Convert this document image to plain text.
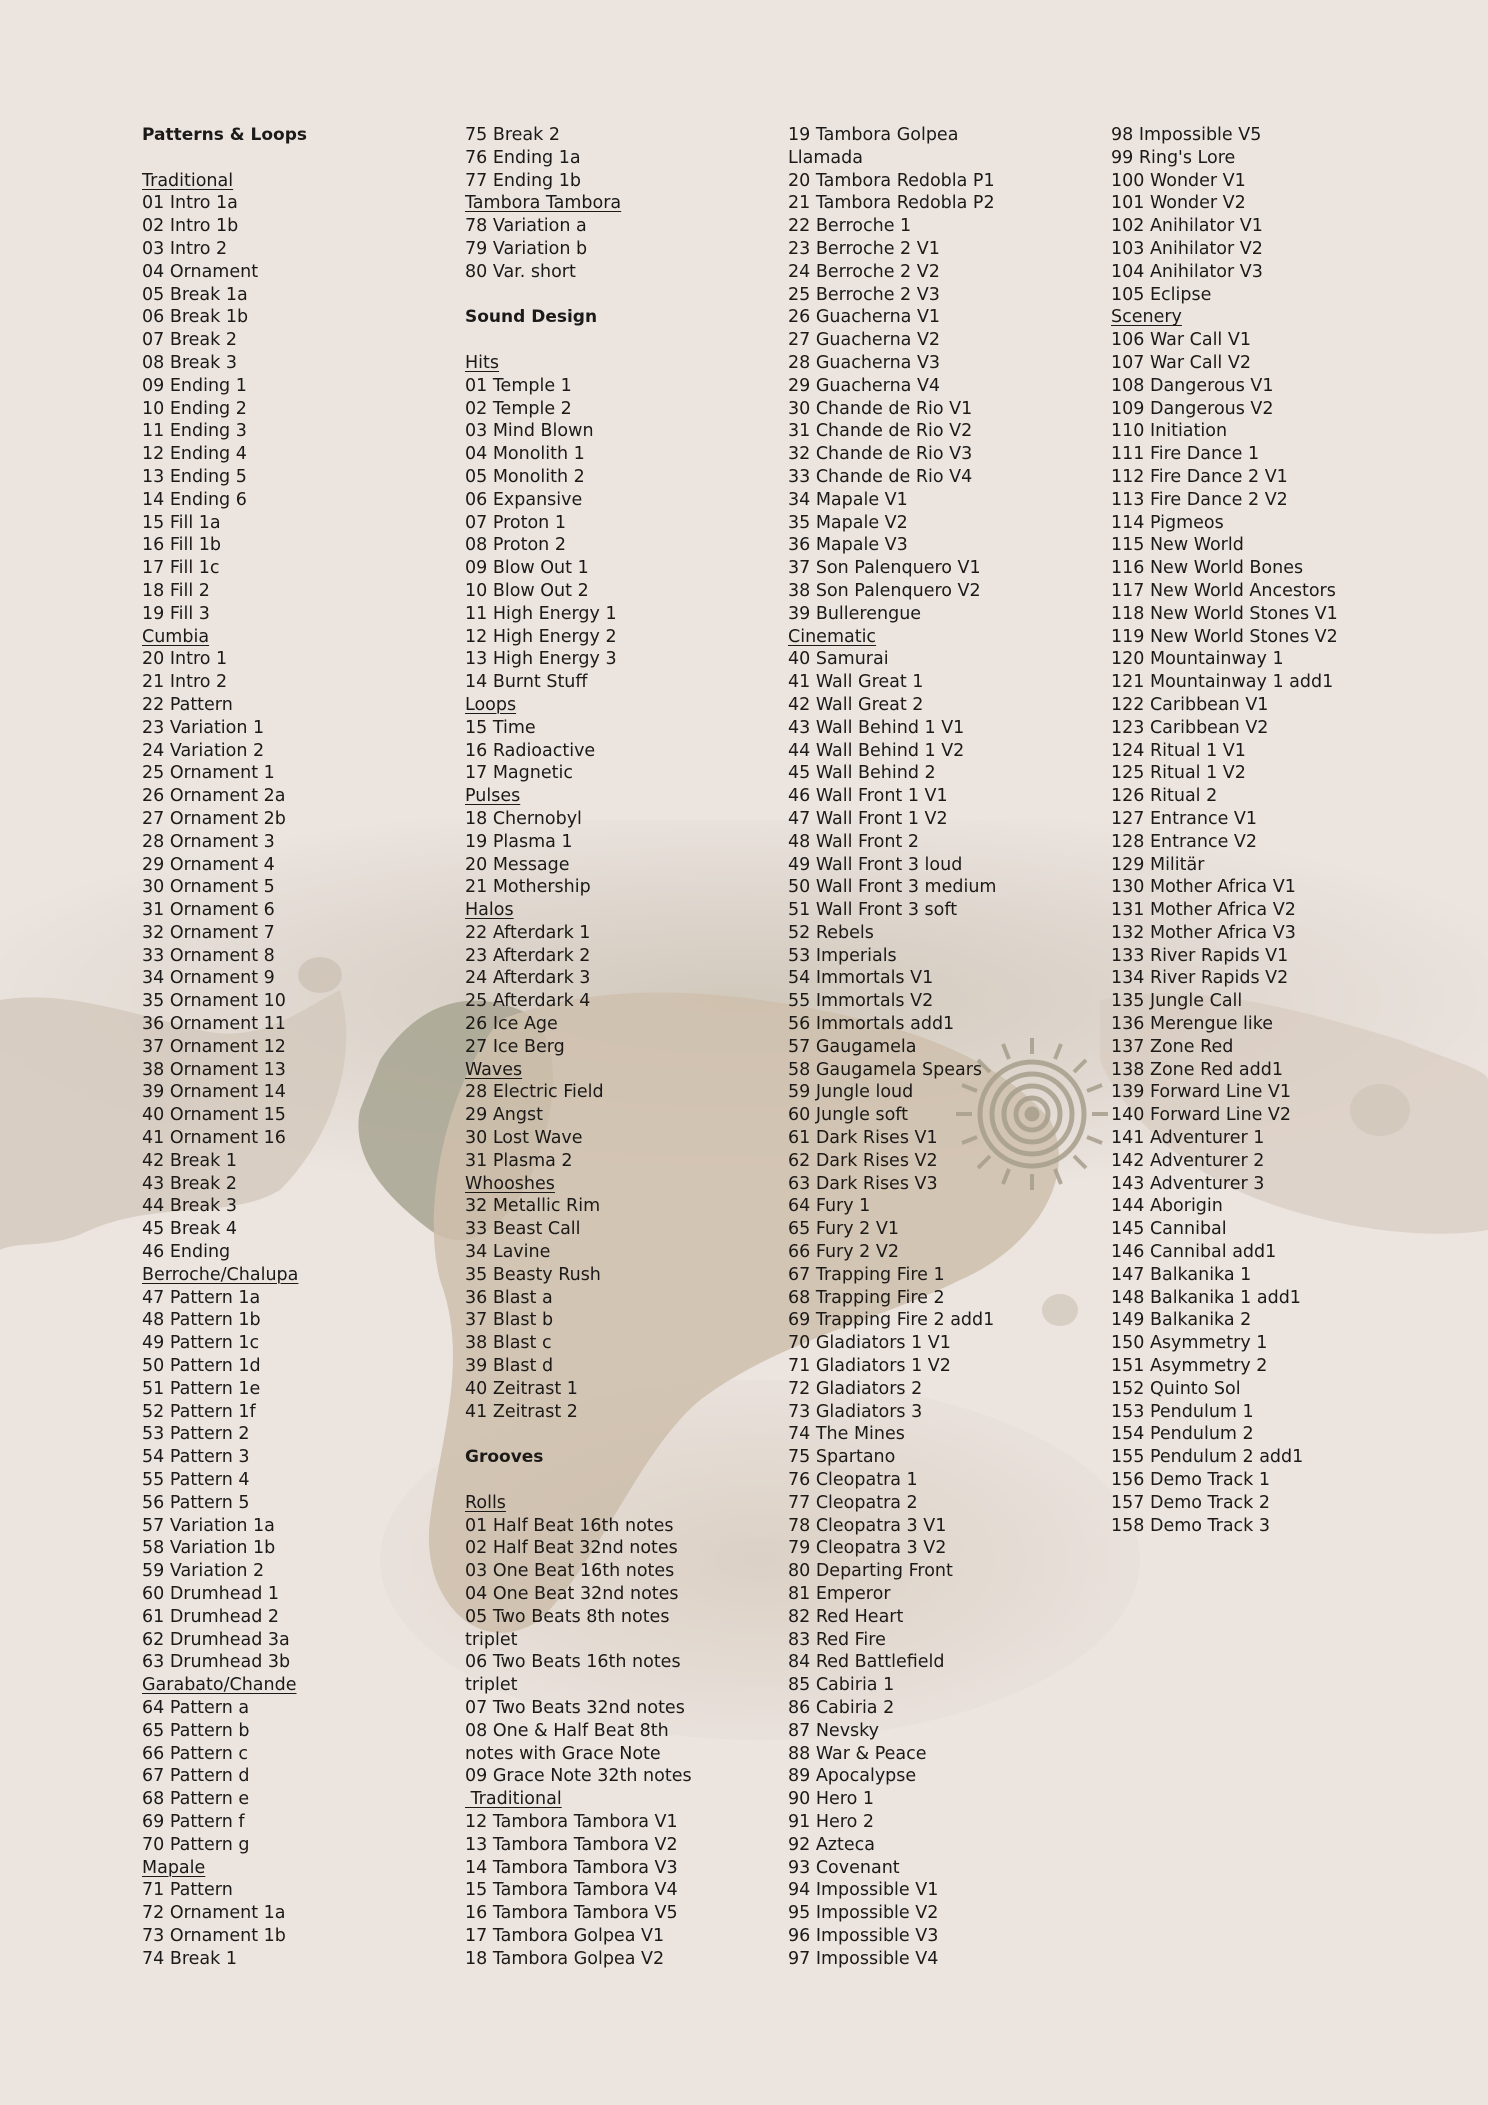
Patterns & Loops
Traditional
01 Intro 1a
02 Intro 1b
03 Intro 2
04 Ornament
05 Break 1a
06 Break 1b
07 Break 2
08 Break 3
09 Ending 1
10 Ending 2
11 Ending 3
12 Ending 4
13 Ending 5
14 Ending 6
15 Fill 1a
16 Fill 1b
17 Fill 1c
18 Fill 2
19 Fill 3
Cumbia
20 Intro 1
21 Intro 2
22 Pattern
23 Variation 1
24 Variation 2
25 Ornament 1
26 Ornament 2a
27 Ornament 2b
28 Ornament 3
29 Ornament 4
30 Ornament 5
31 Ornament 6
32 Ornament 7
33 Ornament 8
34 Ornament 9
35 Ornament 10
36 Ornament 11
37 Ornament 12
38 Ornament 13
39 Ornament 14
40 Ornament 15
41 Ornament 16
42 Break 1
43 Break 2
44 Break 3
45 Break 4
46 Ending
Berroche/Chalupa
47 Pattern 1a
48 Pattern 1b
49 Pattern 1c
50 Pattern 1d
51 Pattern 1e
52 Pattern 1f
53 Pattern 2
54 Pattern 3
55 Pattern 4
56 Pattern 5
57 Variation 1a
58 Variation 1b
59 Variation 2
60 Drumhead 1
61 Drumhead 2
62 Drumhead 3a
63 Drumhead 3b
Garabato/Chande
64 Pattern a
65 Pattern b
66 Pattern c
67 Pattern d
68 Pattern e
69 Pattern f
70 Pattern g
Mapale
71 Pattern
72 Ornament 1a
73 Ornament 1b
74 Break 1
75 Break 2
76 Ending 1a
77 Ending 1b
Tambora Tambora
78 Variation a
79 Variation b
80 Var. short
Sound Design
Hits
01 Temple 1
02 Temple 2
03 Mind Blown
04 Monolith 1
05 Monolith 2
06 Expansive
07 Proton 1
08 Proton 2
09 Blow Out 1
10 Blow Out 2
11 High Energy 1
12 High Energy 2
13 High Energy 3
14 Burnt Stuff
Loops
15 Time
16 Radioactive
17 Magnetic
Pulses
18 Chernobyl
19 Plasma 1
20 Message
21 Mothership
Halos
22 Afterdark 1
23 Afterdark 2
24 Afterdark 3
25 Afterdark 4
26 Ice Age
27 Ice Berg
Waves
28 Electric Field
29 Angst
30 Lost Wave
31 Plasma 2
Whooshes
32 Metallic Rim
33 Beast Call
34 Lavine
35 Beasty Rush
36 Blast a
37 Blast b
38 Blast c
39 Blast d
40 Zeitrast 1
41 Zeitrast 2
Grooves
Rolls
01 Half Beat 16th notes
02 Half Beat 32nd notes
03 One Beat 16th notes
04 One Beat 32nd notes
05 Two Beats 8th notes
triplet
06 Two Beats 16th notes
triplet
07 Two Beats 32nd notes
08 One & Half Beat 8th
notes with Grace Note
09 Grace Note 32th notes
Traditional
12 Tambora Tambora V1
13 Tambora Tambora V2
14 Tambora Tambora V3
15 Tambora Tambora V4
16 Tambora Tambora V5
17 Tambora Golpea V1
18 Tambora Golpea V2
19 Tambora Golpea
Llamada
20 Tambora Redobla P1
21 Tambora Redobla P2
22 Berroche 1
23 Berroche 2 V1
24 Berroche 2 V2
25 Berroche 2 V3
26 Guacherna V1
27 Guacherna V2
28 Guacherna V3
29 Guacherna V4
30 Chande de Rio V1
31 Chande de Rio V2
32 Chande de Rio V3
33 Chande de Rio V4
34 Mapale V1
35 Mapale V2
36 Mapale V3
37 Son Palenquero V1
38 Son Palenquero V2
39 Bullerengue
Cinematic
40 Samurai
41 Wall Great 1
42 Wall Great 2
43 Wall Behind 1 V1
44 Wall Behind 1 V2
45 Wall Behind 2
46 Wall Front 1 V1
47 Wall Front 1 V2
48 Wall Front 2
49 Wall Front 3 loud
50 Wall Front 3 medium
51 Wall Front 3 soft
52 Rebels
53 Imperials
54 Immortals V1
55 Immortals V2
56 Immortals add1
57 Gaugamela
58 Gaugamela Spears
59 Jungle loud
60 Jungle soft
61 Dark Rises V1
62 Dark Rises V2
63 Dark Rises V3
64 Fury 1
65 Fury 2 V1
66 Fury 2 V2
67 Trapping Fire 1
68 Trapping Fire 2
69 Trapping Fire 2 add1
70 Gladiators 1 V1
71 Gladiators 1 V2
72 Gladiators 2
73 Gladiators 3
74 The Mines
75 Spartano
76 Cleopatra 1
77 Cleopatra 2
78 Cleopatra 3 V1
79 Cleopatra 3 V2
80 Departing Front
81 Emperor
82 Red Heart
83 Red Fire
84 Red Battlefield
85 Cabiria 1
86 Cabiria 2
87 Nevsky
88 War & Peace
89 Apocalypse
90 Hero 1
91 Hero 2
92 Azteca
93 Covenant
94 Impossible V1
95 Impossible V2
96 Impossible V3
97 Impossible V4
98 Impossible V5
99 Ring's Lore
100 Wonder V1
101 Wonder V2
102 Anihilator V1
103 Anihilator V2
104 Anihilator V3
105 Eclipse
Scenery
106 War Call V1
107 War Call V2
108 Dangerous V1
109 Dangerous V2
110 Initiation
111 Fire Dance 1
112 Fire Dance 2 V1
113 Fire Dance 2 V2
114 Pigmeos
115 New World
116 New World Bones
117 New World Ancestors
118 New World Stones V1
119 New World Stones V2
120 Mountainway 1
121 Mountainway 1 add1
122 Caribbean V1
123 Caribbean V2
124 Ritual 1 V1
125 Ritual 1 V2
126 Ritual 2
127 Entrance V1
128 Entrance V2
129 Militär
130 Mother Africa V1
131 Mother Africa V2
132 Mother Africa V3
133 River Rapids V1
134 River Rapids V2
135 Jungle Call
136 Merengue like
137 Zone Red
138 Zone Red add1
139 Forward Line V1
140 Forward Line V2
141 Adventurer 1
142 Adventurer 2
143 Adventurer 3
144 Aborigin
145 Cannibal
146 Cannibal add1
147 Balkanika 1
148 Balkanika 1 add1
149 Balkanika 2
150 Asymmetry 1
151 Asymmetry 2
152 Quinto Sol
153 Pendulum 1
154 Pendulum 2
155 Pendulum 2 add1
156 Demo Track 1
157 Demo Track 2
158 Demo Track 3
